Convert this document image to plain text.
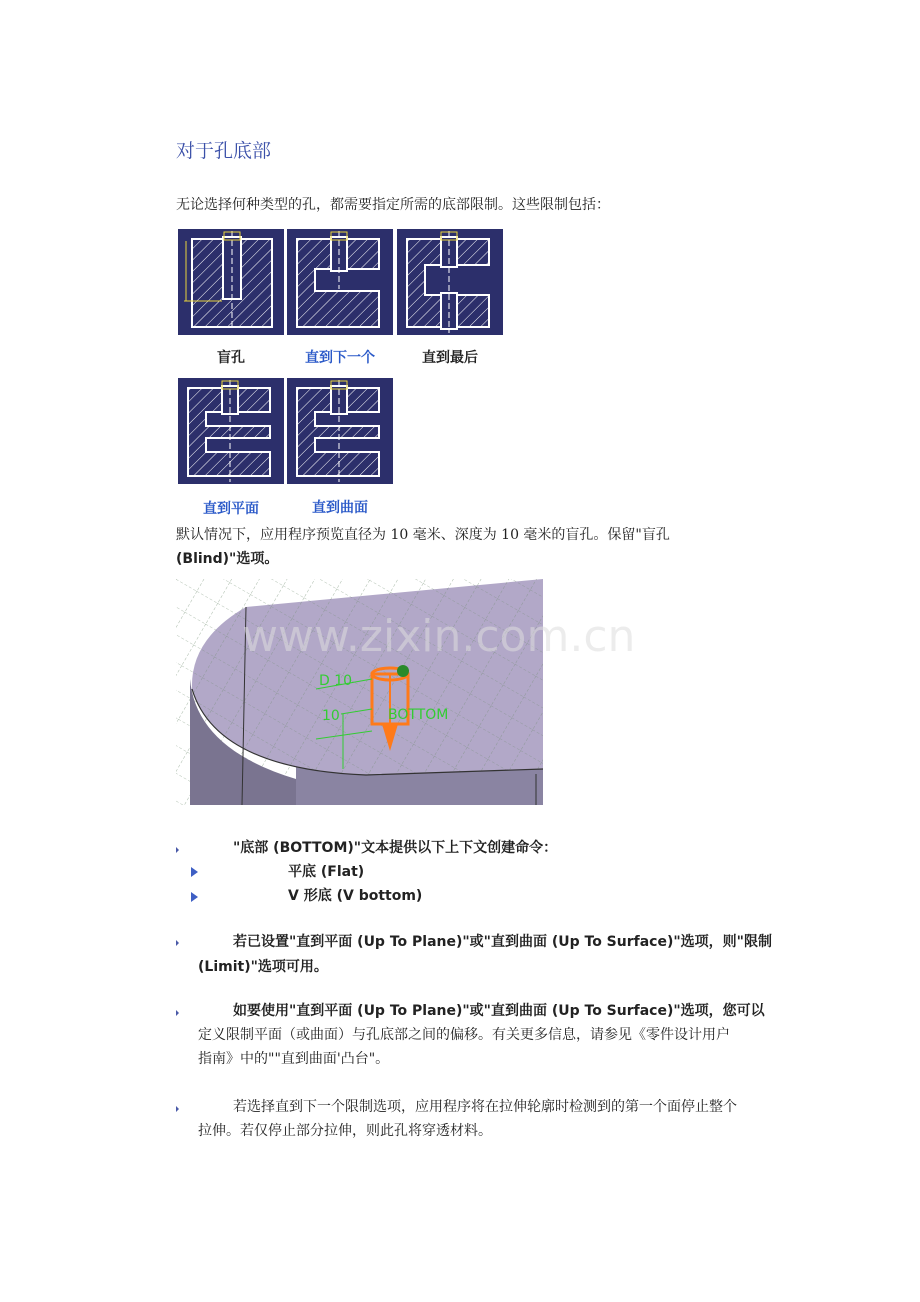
对于孔底部
无论选择何种类型的孔，都需要指定所需的底部限制。这些限制包括：
盲孔	直到下一个	直到最后
直到平面	直到曲面
默认情况下，应用程序预览直径为 10 毫米、深度为 10 毫米的盲孔。保留"盲孔
(Blind)"选项。
D 10
10	BOTTOM
www.zixin.com.cn
"底部 (BOTTOM)"文本提供以下上下文创建命令：
平底 (Flat)
V 形底 (V bottom)
若已设置"直到平面 (Up To Plane)"或"直到曲面 (Up To Surface)"选项，则"限制
(Limit)"选项可用。
如要使用"直到平面 (Up To Plane)"或"直到曲面 (Up To Surface)"选项，您可以
定义限制平面（或曲面）与孔底部之间的偏移。有关更多信息，请参见《零件设计用户
指南》中的""直到曲面'凸台"。
若选择直到下一个限制选项，应用程序将在拉伸轮廓时检测到的第一个面停止整个
拉伸。若仅停止部分拉伸，则此孔将穿透材料。
